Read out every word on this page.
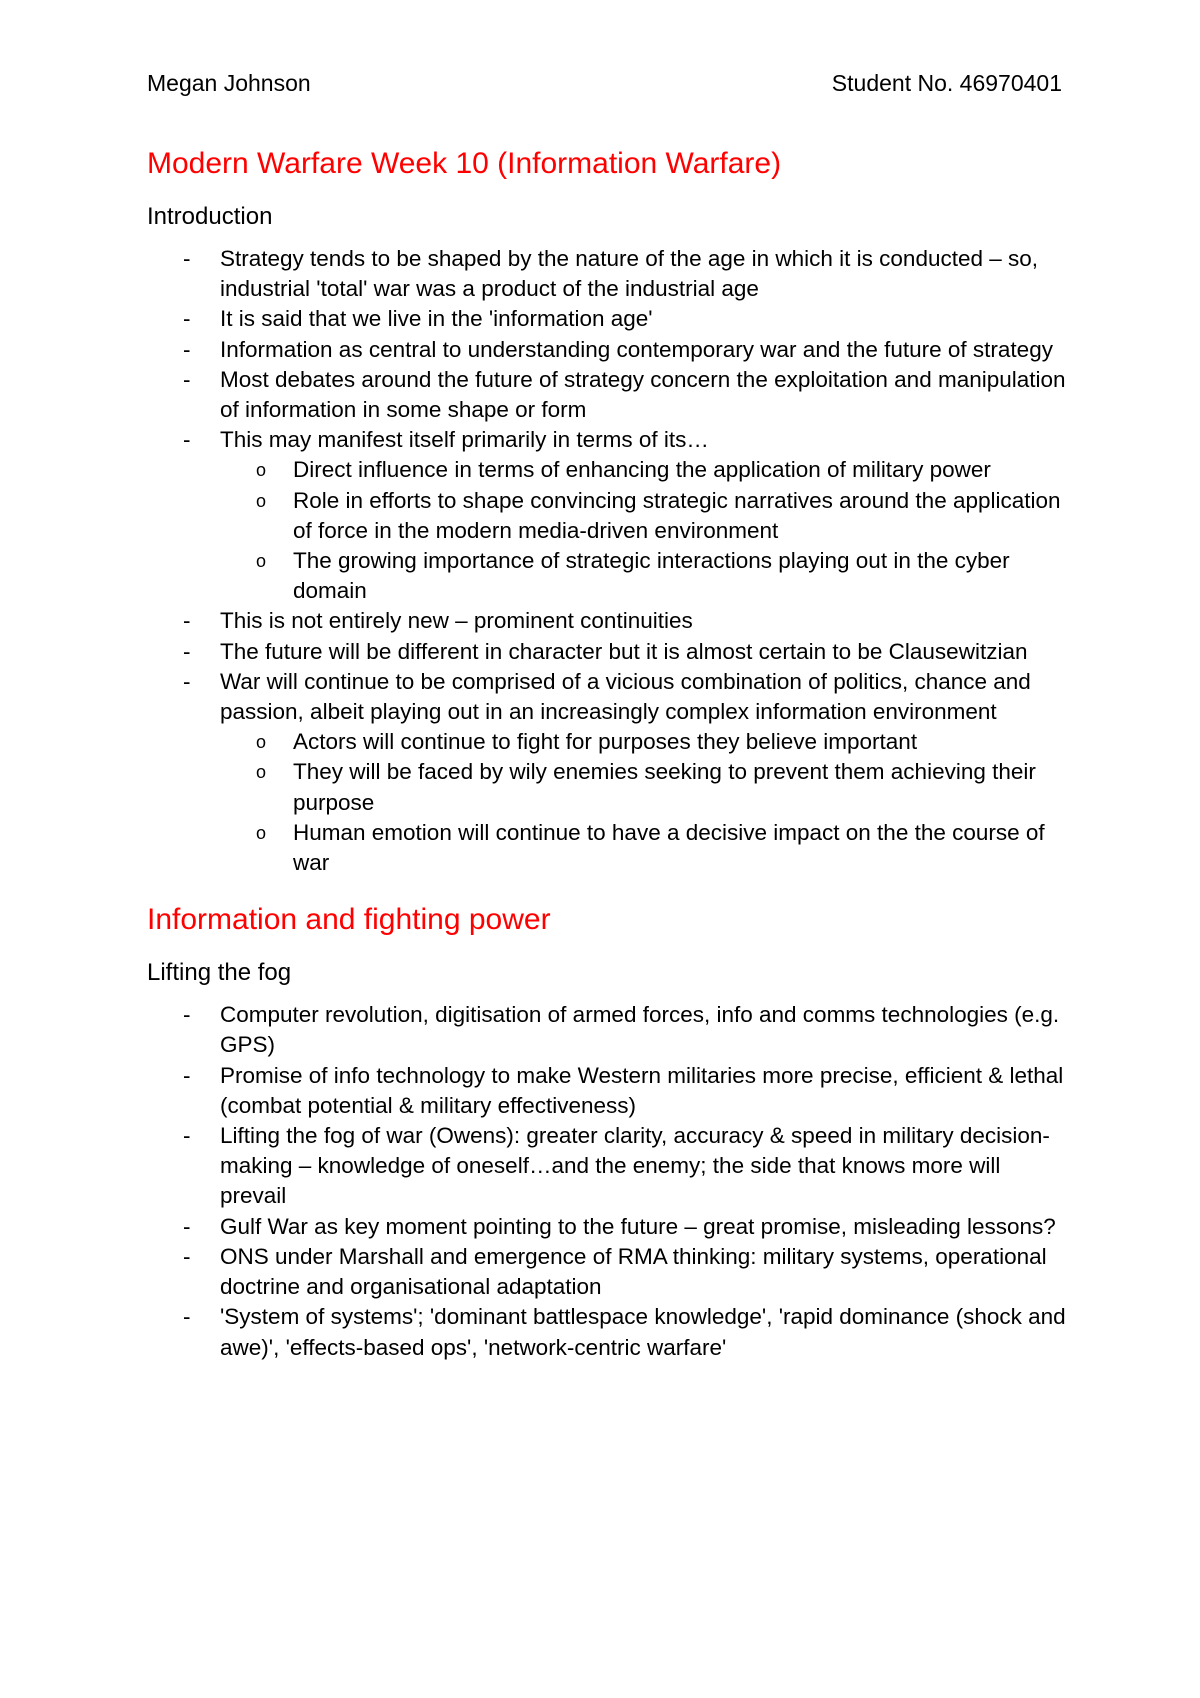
Megan Johnson	Student No. 46970401
Modern Warfare Week 10 (Information Warfare)
Introduction
- Strategy tends to be shaped by the nature of the age in which it is conducted – so, industrial 'total' war was a product of the industrial age
- It is said that we live in the 'information age'
- Information as central to understanding contemporary war and the future of strategy
- Most debates around the future of strategy concern the exploitation and manipulation of information in some shape or form
- This may manifest itself primarily in terms of its…
o Direct influence in terms of enhancing the application of military power
o Role in efforts to shape convincing strategic narratives around the application of force in the modern media-driven environment
o The growing importance of strategic interactions playing out in the cyber domain
- This is not entirely new – prominent continuities
- The future will be different in character but it is almost certain to be Clausewitzian
- War will continue to be comprised of a vicious combination of politics, chance and passion, albeit playing out in an increasingly complex information environment
o Actors will continue to fight for purposes they believe important
o They will be faced by wily enemies seeking to prevent them achieving their purpose
o Human emotion will continue to have a decisive impact on the the course of war
Information and fighting power
Lifting the fog
- Computer revolution, digitisation of armed forces, info and comms technologies (e.g. GPS)
- Promise of info technology to make Western militaries more precise, efficient & lethal (combat potential & military effectiveness)
- Lifting the fog of war (Owens): greater clarity, accuracy & speed in military decision-making – knowledge of oneself…and the enemy; the side that knows more will prevail
- Gulf War as key moment pointing to the future – great promise, misleading lessons?
- ONS under Marshall and emergence of RMA thinking: military systems, operational doctrine and organisational adaptation
- 'System of systems'; 'dominant battlespace knowledge', 'rapid dominance (shock and awe)', 'effects-based ops', 'network-centric warfare'
